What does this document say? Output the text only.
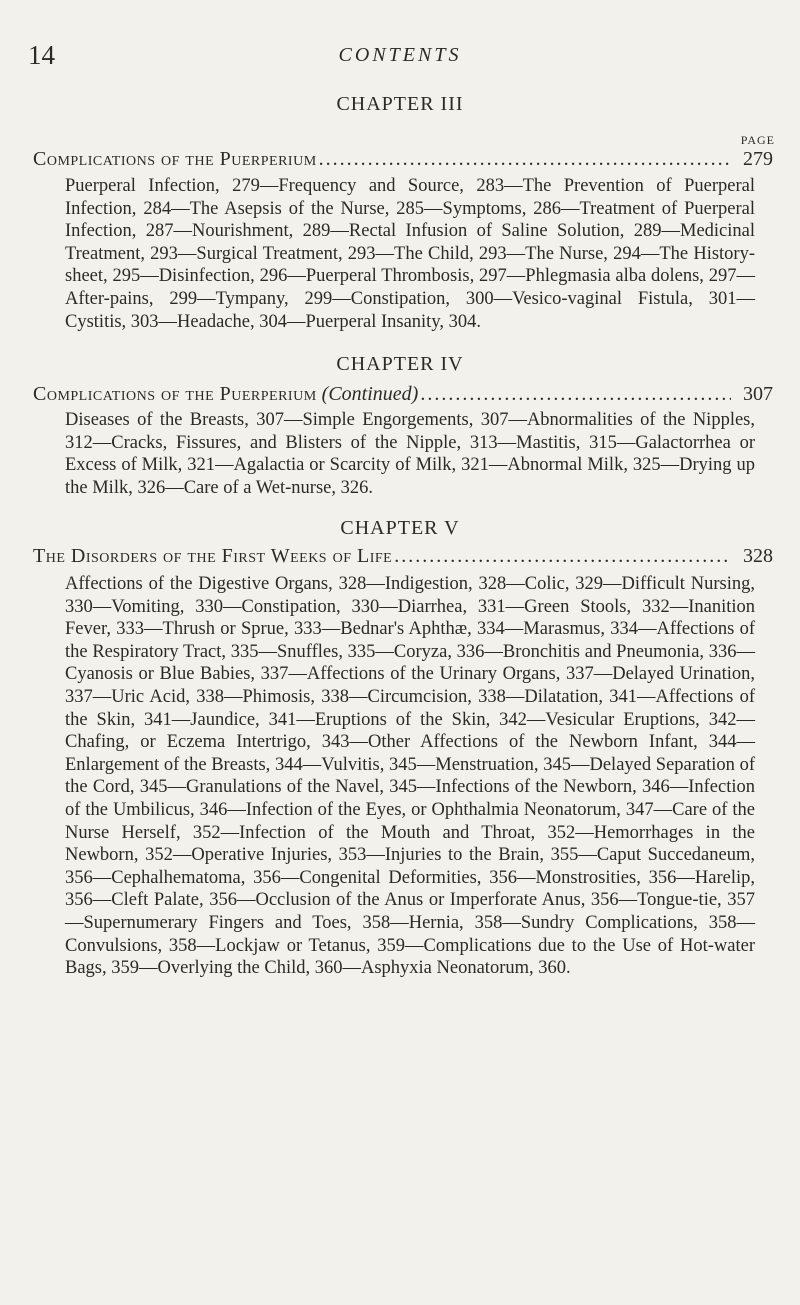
14	CONTENTS
CHAPTER III
PAGE
Complications of the Puerperium .....	279
Puerperal Infection, 279—Frequency and Source, 283—The Prevention of Puerperal Infection, 284—The Asepsis of the Nurse, 285—Symptoms, 286—Treatment of Puerperal Infection, 287—Nourishment, 289—Rectal Infusion of Saline Solution, 289—Medicinal Treatment, 293—Surgical Treatment, 293—The Child, 293—The Nurse, 294—The History-sheet, 295—Disinfection, 296—Puerperal Thrombosis, 297—Phlegmasia alba dolens, 297—After-pains, 299—Tympany, 299—Constipation, 300—Vesico-vaginal Fistula, 301—Cystitis, 303—Headache, 304—Puerperal Insanity, 304.
CHAPTER IV
Complications of the Puerperium (Continued) .....	307
Diseases of the Breasts, 307—Simple Engorgements, 307—Abnormalities of the Nipples, 312—Cracks, Fissures, and Blisters of the Nipple, 313—Mastitis, 315—Galactorrhea or Excess of Milk, 321—Agalactia or Scarcity of Milk, 321—Abnormal Milk, 325—Drying up the Milk, 326—Care of a Wet-nurse, 326.
CHAPTER V
The Disorders of the First Weeks of Life .....	328
Affections of the Digestive Organs, 328—Indigestion, 328—Colic, 329—Difficult Nursing, 330—Vomiting, 330—Constipation, 330—Diarrhea, 331—Green Stools, 332—Inanition Fever, 333—Thrush or Sprue, 333—Bednar's Aphthæ, 334—Marasmus, 334—Affections of the Respiratory Tract, 335—Snuffles, 335—Coryza, 336—Bronchitis and Pneumonia, 336—Cyanosis or Blue Babies, 337—Affections of the Urinary Organs, 337—Delayed Urination, 337—Uric Acid, 338—Phimosis, 338—Circumcision, 338—Dilatation, 341—Affections of the Skin, 341—Jaundice, 341—Eruptions of the Skin, 342—Vesicular Eruptions, 342—Chafing, or Eczema Intertrigo, 343—Other Affections of the Newborn Infant, 344—Enlargement of the Breasts, 344—Vulvitis, 345—Menstruation, 345—Delayed Separation of the Cord, 345—Granulations of the Navel, 345—Infections of the Newborn, 346—Infection of the Umbilicus, 346—Infection of the Eyes, or Ophthalmia Neonatorum, 347—Care of the Nurse Herself, 352—Infection of the Mouth and Throat, 352—Hemorrhages in the Newborn, 352—Operative Injuries, 353—Injuries to the Brain, 355—Caput Succedaneum, 356—Cephalhematoma, 356—Congenital Deformities, 356—Monstrosities, 356—Harelip, 356—Cleft Palate, 356—Occlusion of the Anus or Imperforate Anus, 356—Tongue-tie, 357—Supernumerary Fingers and Toes, 358—Hernia, 358—Sundry Complications, 358—Convulsions, 358—Lockjaw or Tetanus, 359—Complications due to the Use of Hot-water Bags, 359—Overlying the Child, 360—Asphyxia Neonatorum, 360.
